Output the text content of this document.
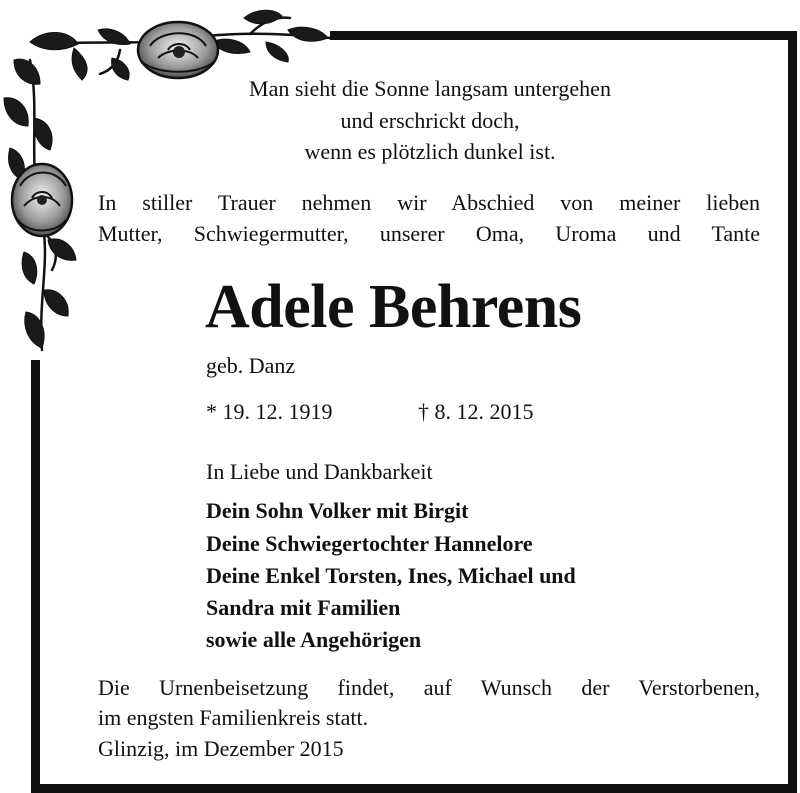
Man sieht die Sonne langsam untergehen

und erschrickt doch,

wenn es plötzlich dunkel ist.

In stiller Trauer nehmen wir Abschied von meiner lieben

Mutter, Schwiegermutter, unserer Oma, Uroma und Tante

Adele Behrens

geb. Danz

* 19. 12. 1919	† 8. 12. 2015

In Liebe und Dankbarkeit

Dein Sohn Volker mit Birgit

Deine Schwiegertochter Hannelore

Deine Enkel Torsten, Ines, Michael und

Sandra mit Familien

sowie alle Angehörigen

Die Urnenbeisetzung findet, auf Wunsch der Verstorbenen,

im engsten Familienkreis statt.

Glinzig, im Dezember 2015
